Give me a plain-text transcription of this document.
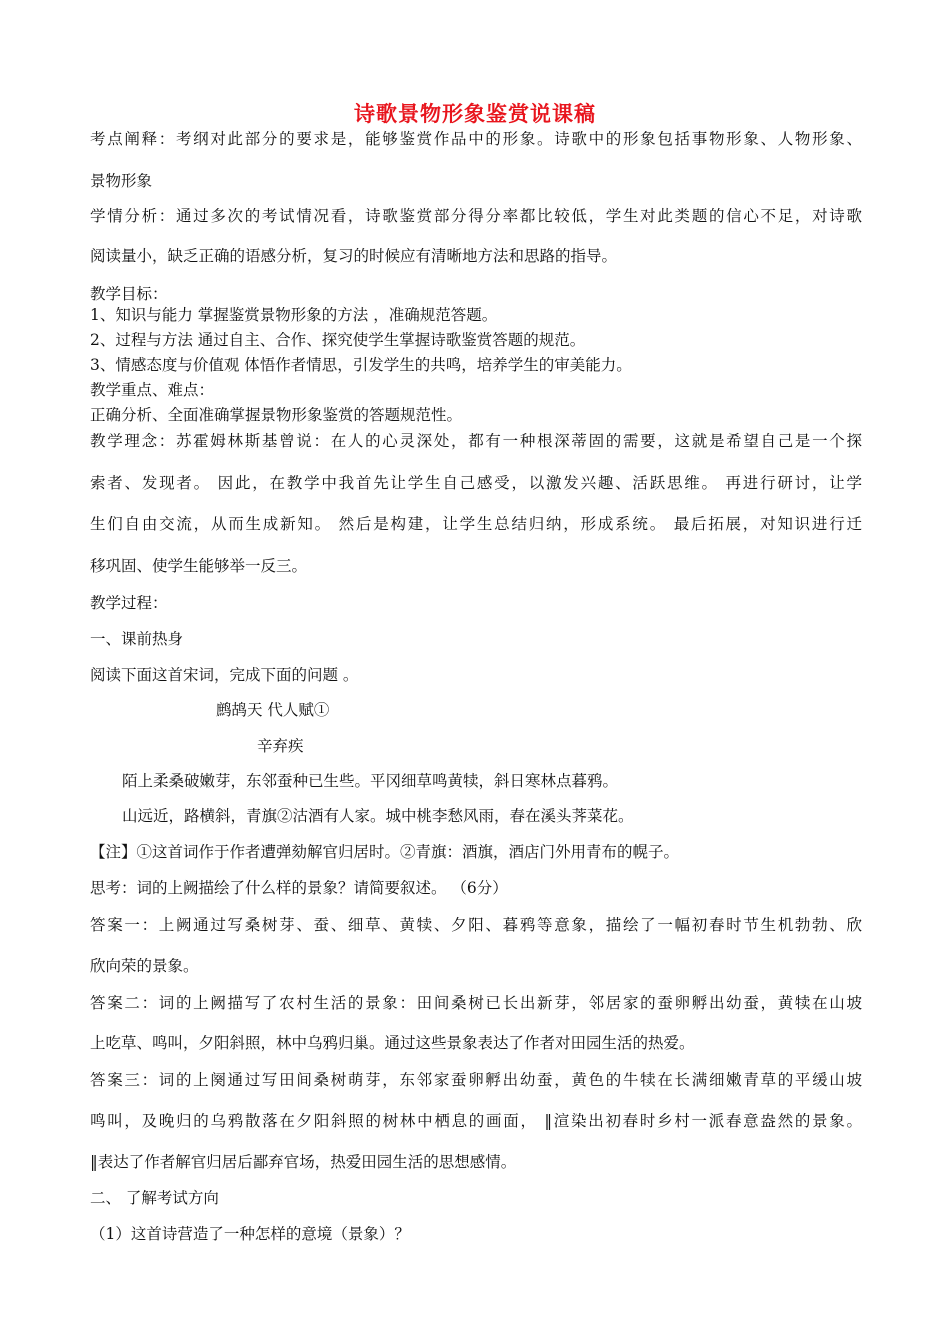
诗歌景物形象鉴赏说课稿
考点阐释：考纲对此部分的要求是，能够鉴赏作品中的形象。诗歌中的形象包括事物形象、人物形象、
景物形象
学情分析：通过多次的考试情况看，诗歌鉴赏部分得分率都比较低，学生对此类题的信心不足，对诗歌
阅读量小，缺乏正确的语感分析，复习的时候应有清晰地方法和思路的指导。
教学目标：
1、知识与能力 掌握鉴赏景物形象的方法 ，准确规范答题。
2、过程与方法 通过自主、合作、探究使学生掌握诗歌鉴赏答题的规范。
3、情感态度与价值观 体悟作者情思，引发学生的共鸣，培养学生的审美能力。
教学重点、难点：
正确分析、全面准确掌握景物形象鉴赏的答题规范性。
教学理念：苏霍姆林斯基曾说：在人的心灵深处，都有一种根深蒂固的需要，这就是希望自己是一个探
索者、发现者。 因此，在教学中我首先让学生自己感受，以激发兴趣、活跃思维。 再进行研讨，让学
生们自由交流，从而生成新知。 然后是构建，让学生总结归纳，形成系统。 最后拓展，对知识进行迁
移巩固、使学生能够举一反三。
教学过程：
一、课前热身
阅读下面这首宋词，完成下面的问题 。
鹧鸪天 代人赋①
辛弃疾
陌上柔桑破嫩芽，东邻蚕种已生些。平冈细草鸣黄犊，斜日寒林点暮鸦。
山远近，路横斜，青旗②沽酒有人家。城中桃李愁风雨，春在溪头荠菜花。
【注】①这首词作于作者遭弹劾解官归居时。②青旗：酒旗，酒店门外用青布的幌子。
思考：词的上阙描绘了什么样的景象？请简要叙述。 （6分）
答案一：上阙通过写桑树芽、蚕、细草、黄犊、夕阳、暮鸦等意象，描绘了一幅初春时节生机勃勃、欣
欣向荣的景象。
答案二：词的上阙描写了农村生活的景象：田间桑树已长出新芽，邻居家的蚕卵孵出幼蚕，黄犊在山坡
上吃草、鸣叫，夕阳斜照，林中乌鸦归巢。通过这些景象表达了作者对田园生活的热爱。
答案三：词的上阕通过写田间桑树萌芽，东邻家蚕卵孵出幼蚕，黄色的牛犊在长满细嫩青草的平缓山坡
鸣叫，及晚归的乌鸦散落在夕阳斜照的树林中栖息的画面， ‖渲染出初春时乡村一派春意盎然的景象。
‖表达了作者解官归居后鄙弃官场，热爱田园生活的思想感情。
二、 了解考试方向
（1）这首诗营造了一种怎样的意境（景象）？
